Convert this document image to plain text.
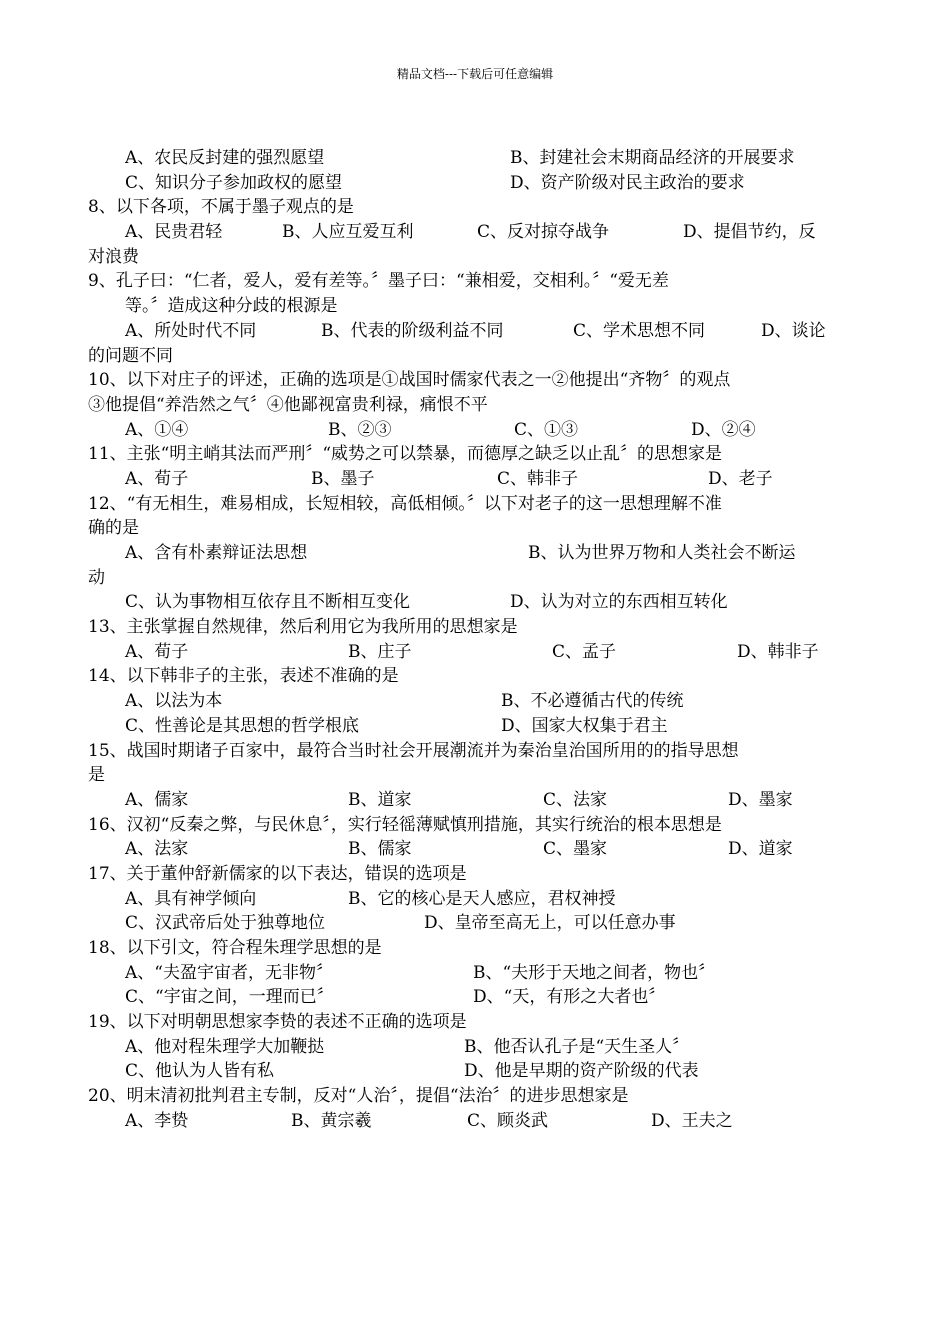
精品文档---下载后可任意编辑
A、农民反封建的强烈愿望	B、封建社会末期商品经济的开展要求
C、知识分子参加政权的愿望	D、资产阶级对民主政治的要求
8、以下各项，不属于墨子观点的是
A、民贵君轻	B、人应互爱互利	C、反对掠夺战争	D、提倡节约，反
对浪费
9、孔子曰：“仁者，爱人，爱有差等。〞墨子曰：“兼相爱，交相利。〞“爱无差
等。〞造成这种分歧的根源是
A、所处时代不同	B、代表的阶级利益不同	C、学术思想不同	D、谈论
的问题不同
10、以下对庄子的评述，正确的选项是①战国时儒家代表之一②他提出“齐物〞的观点
③他提倡“养浩然之气〞④他鄙视富贵利禄，痛恨不平
A、①④	B、②③	C、①③	D、②④
11、主张“明主峭其法而严刑〞“威势之可以禁暴，而德厚之缺乏以止乱〞的思想家是
A、荀子	B、墨子	C、韩非子	D、老子
12、“有无相生，难易相成，长短相较，高低相倾。〞以下对老子的这一思想理解不准
确的是
A、含有朴素辩证法思想	B、认为世界万物和人类社会不断运
动
C、认为事物相互依存且不断相互变化	D、认为对立的东西相互转化
13、主张掌握自然规律，然后利用它为我所用的思想家是
A、荀子	B、庄子	C、孟子	D、韩非子
14、以下韩非子的主张，表述不准确的是
A、以法为本	B、不必遵循古代的传统
C、性善论是其思想的哲学根底	D、国家大权集于君主
15、战国时期诸子百家中，最符合当时社会开展潮流并为秦治皇治国所用的的指导思想
是
A、儒家	B、道家	C、法家	D、墨家
16、汉初“反秦之弊，与民休息〞，实行轻徭薄赋慎刑措施，其实行统治的根本思想是
A、法家	B、儒家	C、墨家	D、道家
17、关于董仲舒新儒家的以下表达，错误的选项是
A、具有神学倾向	B、它的核心是天人感应，君权神授
C、汉武帝后处于独尊地位	D、皇帝至高无上，可以任意办事
18、以下引文，符合程朱理学思想的是
A、“夫盈宇宙者，无非物〞	B、“夫形于天地之间者，物也〞
C、“宇宙之间，一理而已〞	D、“天，有形之大者也〞
19、以下对明朝思想家李贽的表述不正确的选项是
A、他对程朱理学大加鞭挞	B、他否认孔子是“天生圣人〞
C、他认为人皆有私	D、他是早期的资产阶级的代表
20、明末清初批判君主专制，反对“人治〞，提倡“法治〞的进步思想家是
A、李贽	B、黄宗羲	C、顾炎武	D、王夫之
